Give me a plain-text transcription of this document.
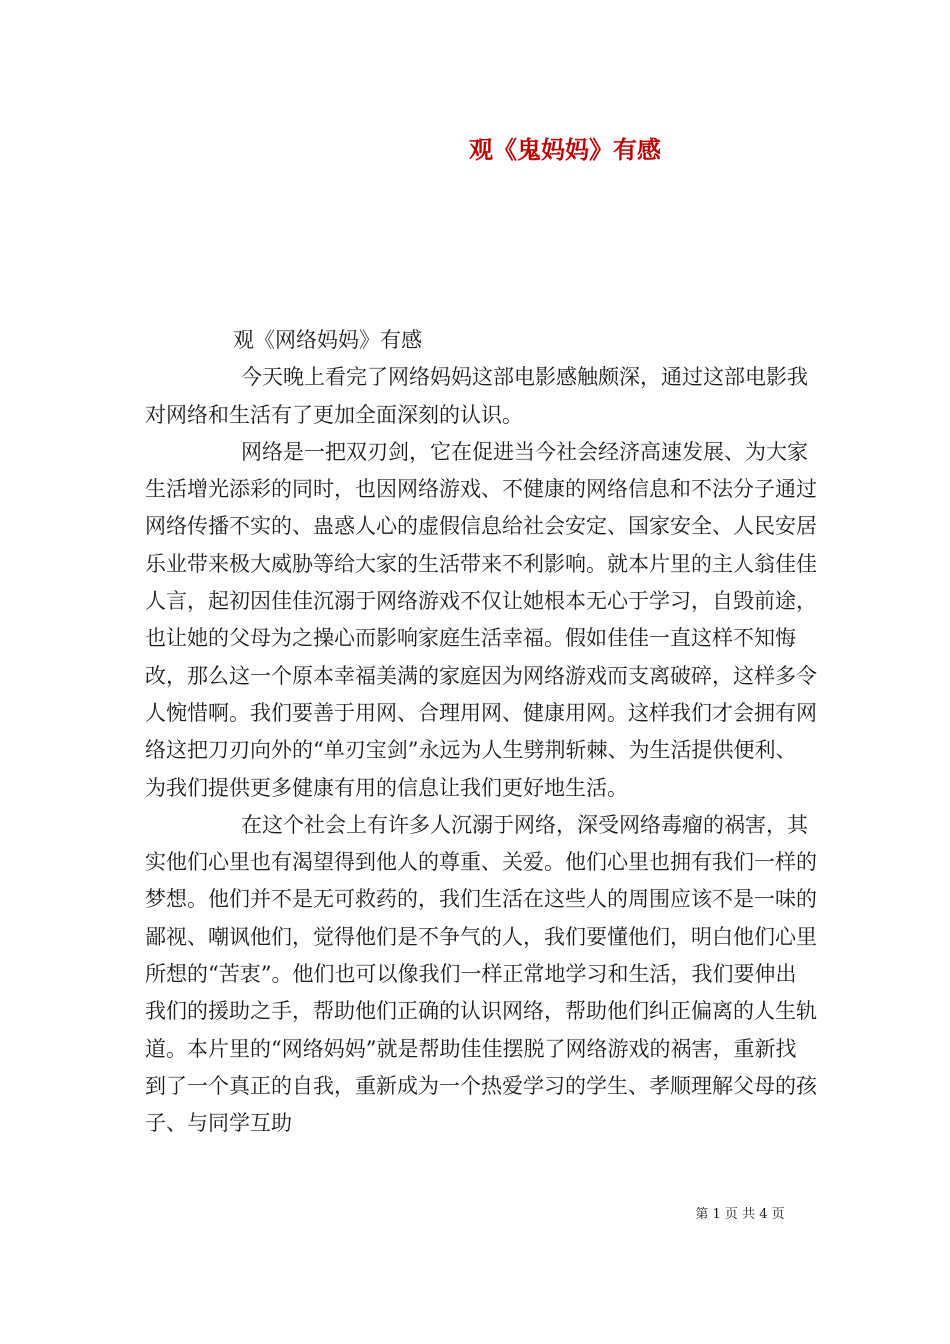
观《鬼妈妈》有感

观《网络妈妈》有感

今天晚上看完了网络妈妈这部电影感触颇深，通过这部电影我对网络和生活有了更加全面深刻的认识。

网络是一把双刃剑，它在促进当今社会经济高速发展、为大家生活增光添彩的同时，也因网络游戏、不健康的网络信息和不法分子通过网络传播不实的、蛊惑人心的虚假信息给社会安定、国家安全、人民安居乐业带来极大威胁等给大家的生活带来不利影响。就本片里的主人翁佳佳人言，起初因佳佳沉溺于网络游戏不仅让她根本无心于学习，自毁前途，也让她的父母为之操心而影响家庭生活幸福。假如佳佳一直这样不知悔改，那么这一个原本幸福美满的家庭因为网络游戏而支离破碎，这样多令人惋惜啊。我们要善于用网、合理用网、健康用网。这样我们才会拥有网络这把刀刃向外的“单刃宝剑”永远为人生劈荆斩棘、为生活提供便利、为我们提供更多健康有用的信息让我们更好地生活。

在这个社会上有许多人沉溺于网络，深受网络毒瘤的祸害，其实他们心里也有渴望得到他人的尊重、关爱。他们心里也拥有我们一样的梦想。他们并不是无可救药的，我们生活在这些人的周围应该不是一味的鄙视、嘲讽他们，觉得他们是不争气的人，我们要懂他们，明白他们心里所想的“苦衷”。他们也可以像我们一样正常地学习和生活，我们要伸出我们的援助之手，帮助他们正确的认识网络，帮助他们纠正偏离的人生轨道。本片里的“网络妈妈”就是帮助佳佳摆脱了网络游戏的祸害，重新找到了一个真正的自我，重新成为一个热爱学习的学生、孝顺理解父母的孩子、与同学互助

第 1 页 共 4 页
